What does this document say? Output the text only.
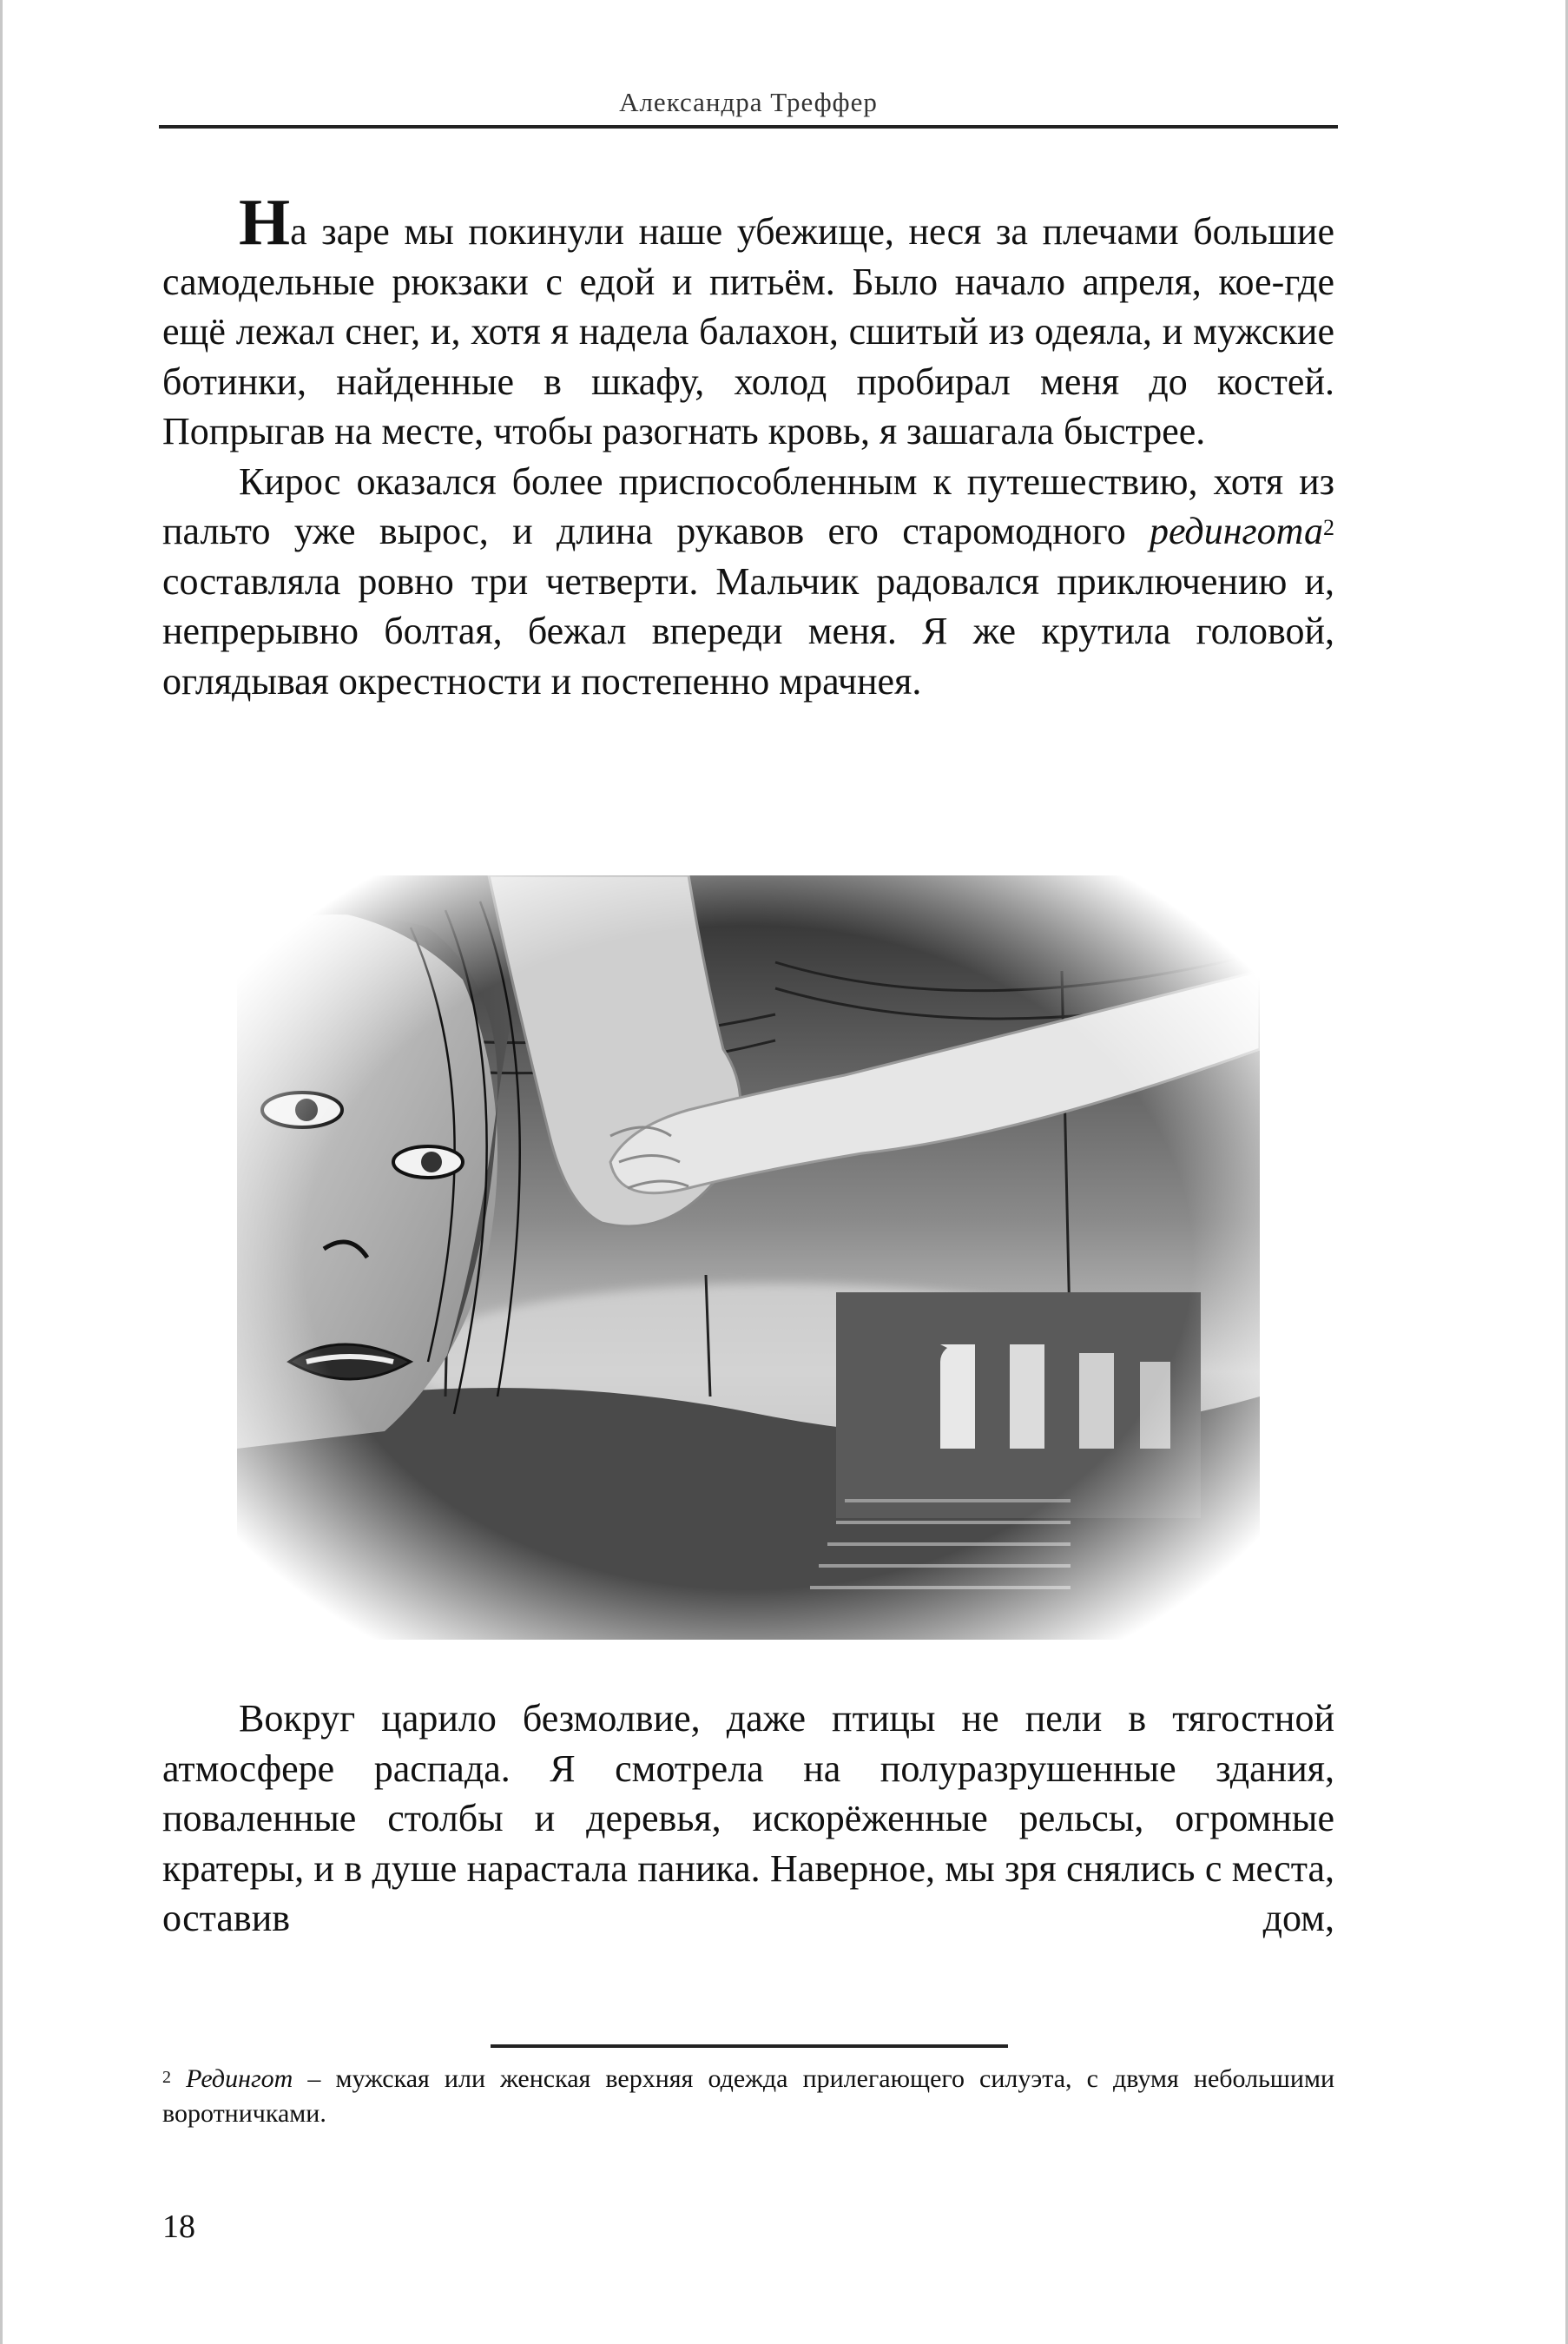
Александра Треффер

На заре мы покинули наше убежище, неся за плечами большие самодельные рюкзаки с едой и питьём. Было начало апреля, кое-где ещё лежал снег, и, хотя я надела балахон, сшитый из одеяла, и мужские ботинки, найденные в шкафу, холод пробирал меня до костей. Попрыгав на месте, чтобы разогнать кровь, я зашагала быстрее.

Кирос оказался более приспособленным к путешествию, хотя из пальто уже вырос, и длина рукавов его старомодного редингота$^2$ составляла ровно три четверти. Мальчик радовался приключению и, непрерывно болтая, бежал впереди меня. Я же крутила головой, оглядывая окрестности и постепенно мрачнея.

Вокруг царило безмолвие, даже птицы не пели в тягостной атмосфере распада. Я смотрела на полуразрушенные здания, поваленные столбы и деревья, искорёженные рельсы, огромные кратеры, и в душе нарастала паника. Наверное, мы зря снялись с места, оставив дом,

$^2$ Редингот – мужская или женская верхняя одежда прилегающего силуэта, с двумя небольшими воротничками.
18
